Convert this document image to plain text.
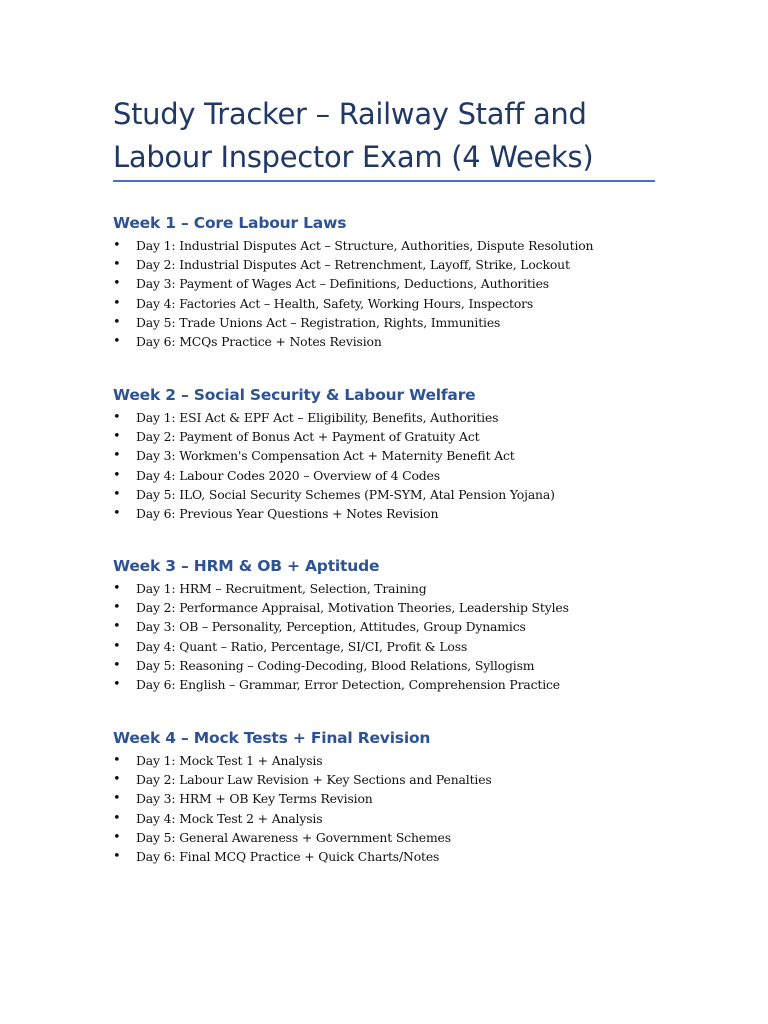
Study Tracker – Railway Staff and
Labour Inspector Exam (4 Weeks)
Week 1 – Core Labour Laws
• Day 1: Industrial Disputes Act – Structure, Authorities, Dispute Resolution
• Day 2: Industrial Disputes Act – Retrenchment, Layoff, Strike, Lockout
• Day 3: Payment of Wages Act – Definitions, Deductions, Authorities
• Day 4: Factories Act – Health, Safety, Working Hours, Inspectors
• Day 5: Trade Unions Act – Registration, Rights, Immunities
• Day 6: MCQs Practice + Notes Revision
Week 2 – Social Security & Labour Welfare
• Day 1: ESI Act & EPF Act – Eligibility, Benefits, Authorities
• Day 2: Payment of Bonus Act + Payment of Gratuity Act
• Day 3: Workmen's Compensation Act + Maternity Benefit Act
• Day 4: Labour Codes 2020 – Overview of 4 Codes
• Day 5: ILO, Social Security Schemes (PM-SYM, Atal Pension Yojana)
• Day 6: Previous Year Questions + Notes Revision
Week 3 – HRM & OB + Aptitude
• Day 1: HRM – Recruitment, Selection, Training
• Day 2: Performance Appraisal, Motivation Theories, Leadership Styles
• Day 3: OB – Personality, Perception, Attitudes, Group Dynamics
• Day 4: Quant – Ratio, Percentage, SI/CI, Profit & Loss
• Day 5: Reasoning – Coding-Decoding, Blood Relations, Syllogism
• Day 6: English – Grammar, Error Detection, Comprehension Practice
Week 4 – Mock Tests + Final Revision
• Day 1: Mock Test 1 + Analysis
• Day 2: Labour Law Revision + Key Sections and Penalties
• Day 3: HRM + OB Key Terms Revision
• Day 4: Mock Test 2 + Analysis
• Day 5: General Awareness + Government Schemes
• Day 6: Final MCQ Practice + Quick Charts/Notes
